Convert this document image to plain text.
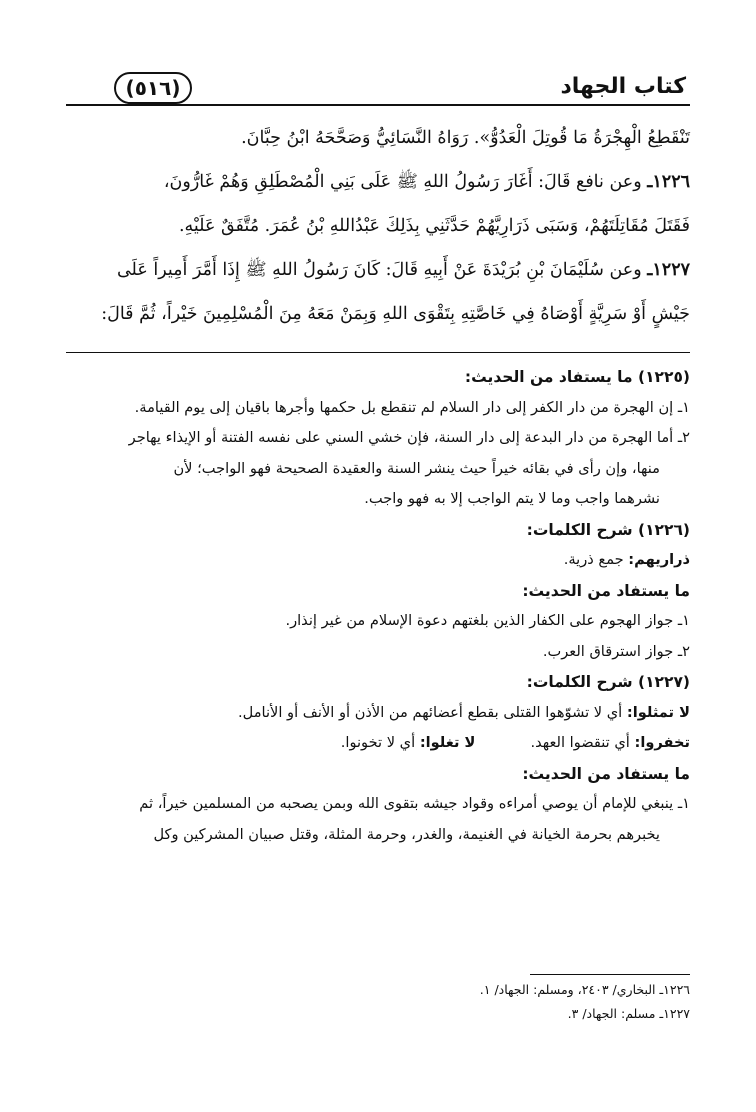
كتاب الجهاد
(٥١٦)
تَنْقَطِعُ الْهِجْرَةُ مَا قُوتِلَ الْعَدُوُّ». رَوَاهُ النَّسَائِيُّ وَصَحَّحَهُ ابْنُ حِبَّانَ.
١٢٢٦ـ وعن نافع قَالَ: أَغَارَ رَسُولُ اللهِ ﷺ عَلَى بَنِي الْمُصْطَلِقِ وَهُمْ غَارُّونَ،
فَقَتَلَ مُقَاتِلَتَهُمْ، وَسَبَى ذَرَارِيَّهُمْ حَدَّثَنِي بِذَلِكَ عَبْدُاللهِ بْنُ عُمَرَ. مُتَّفَقٌ عَلَيْهِ.
١٢٢٧ـ وعن سُلَيْمَانَ بْنِ بُرَيْدَةَ عَنْ أَبِيهِ قَالَ: كَانَ رَسُولُ اللهِ ﷺ إِذَا أَمَّرَ أَمِيراً عَلَى
جَيْشٍ أَوْ سَرِيَّةٍ أَوْصَاهُ فِي خَاصَّتِهِ بِتَقْوَى اللهِ وَبِمَنْ مَعَهُ مِنَ الْمُسْلِمِينَ خَيْراً، ثُمَّ قَالَ:
(١٢٢٥) ما يستفاد من الحديث:
١ـ إن الهجرة من دار الكفر إلى دار السلام لم تنقطع بل حكمها وأجرها باقيان إلى يوم القيامة.
٢ـ أما الهجرة من دار البدعة إلى دار السنة، فإن خشي السني على نفسه الفتنة أو الإيذاء يهاجر
منها، وإن رأى في بقائه خيراً حيث ينشر السنة والعقيدة الصحيحة فهو الواجب؛ لأن
نشرهما واجب وما لا يتم الواجب إلا به فهو واجب.
(١٢٢٦) شرح الكلمات:
ذراريهم: جمع ذرية.
ما يستفاد من الحديث:
١ـ جواز الهجوم على الكفار الذين بلغتهم دعوة الإسلام من غير إنذار.
٢ـ جواز استرقاق العرب.
(١٢٢٧) شرح الكلمات:
لا تمثلوا: أي لا تشوّهوا القتلى بقطع أعضائهم من الأذن أو الأنف أو الأنامل.
تخفروا: أي تنقضوا العهد.لا تغلوا: أي لا تخونوا.
ما يستفاد من الحديث:
١ـ ينبغي للإمام أن يوصي أمراءه وقواد جيشه بتقوى الله وبمن يصحبه من المسلمين خيراً، ثم
يخبرهم بحرمة الخيانة في الغنيمة، والغدر، وحرمة المثلة، وقتل صبيان المشركين وكل
١٢٢٦ـ البخاري/ ٢٤٠٣، ومسلم: الجهاد/ ١.
١٢٢٧ـ مسلم: الجهاد/ ٣.
